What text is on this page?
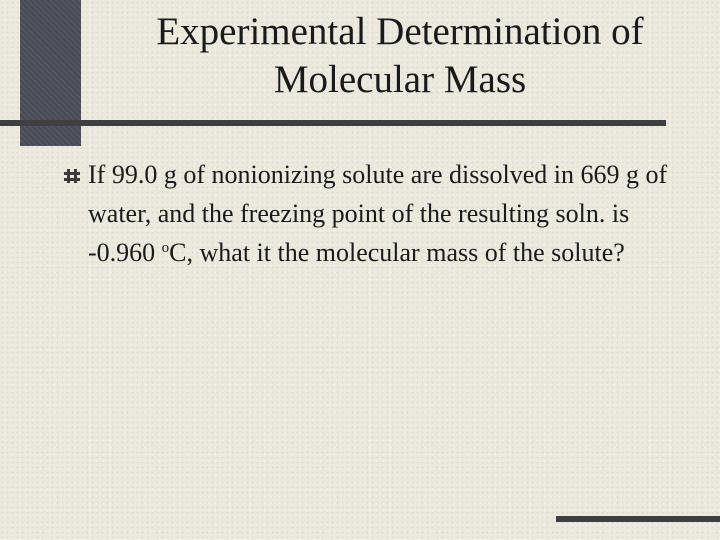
Experimental Determination of
Molecular Mass

If 99.0 g of nonionizing solute are dissolved in 669 g of water, and the freezing point of the resulting soln. is -0.960 $^o$C, what it the molecular mass of the solute?
